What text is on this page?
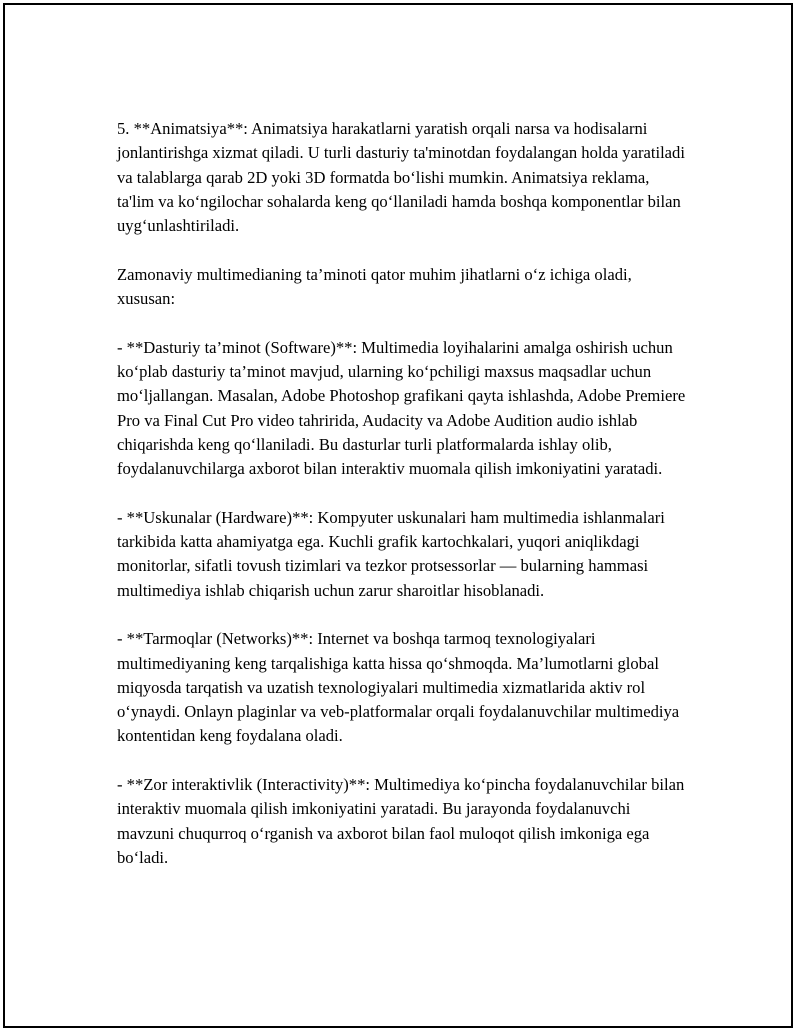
5. **Animatsiya**: Animatsiya harakatlarni yaratish orqali narsa va hodisalarni jonlantirishga xizmat qiladi. U turli dasturiy ta'minotdan foydalangan holda yaratiladi va talablarga qarab 2D yoki 3D formatda bo‘lishi mumkin. Animatsiya reklama, ta'lim va ko‘ngilochar sohalarda keng qo‘llaniladi hamda boshqa komponentlar bilan uyg‘unlashtiriladi.

Zamonaviy multimedianing ta’minoti qator muhim jihatlarni o‘z ichiga oladi, xususan:

- **Dasturiy ta’minot (Software)**: Multimedia loyihalarini amalga oshirish uchun ko‘plab dasturiy ta’minot mavjud, ularning ko‘pchiligi maxsus maqsadlar uchun mo‘ljallangan. Masalan, Adobe Photoshop grafikani qayta ishlashda, Adobe Premiere Pro va Final Cut Pro video tahririda, Audacity va Adobe Audition audio ishlab chiqarishda keng qo‘llaniladi. Bu dasturlar turli platformalarda ishlay olib, foydalanuvchilarga axborot bilan interaktiv muomala qilish imkoniyatini yaratadi.

- **Uskunalar (Hardware)**: Kompyuter uskunalari ham multimedia ishlanmalari tarkibida katta ahamiyatga ega. Kuchli grafik kartochkalari, yuqori aniqlikdagi monitorlar, sifatli tovush tizimlari va tezkor protsessorlar — bularning hammasi multimediya ishlab chiqarish uchun zarur sharoitlar hisoblanadi.

- **Tarmoqlar (Networks)**: Internet va boshqa tarmoq texnologiyalari multimediyaning keng tarqalishiga katta hissa qo‘shmoqda. Ma’lumotlarni global miqyosda tarqatish va uzatish texnologiyalari multimedia xizmatlarida aktiv rol o‘ynaydi. Onlayn plaginlar va veb-platformalar orqali foydalanuvchilar multimediya kontentidan keng foydalana oladi.

- **Zor interaktivlik (Interactivity)**: Multimediya ko‘pincha foydalanuvchilar bilan interaktiv muomala qilish imkoniyatini yaratadi. Bu jarayonda foydalanuvchi mavzuni chuqurroq o‘rganish va axborot bilan faol muloqot qilish imkoniga ega bo‘ladi.
